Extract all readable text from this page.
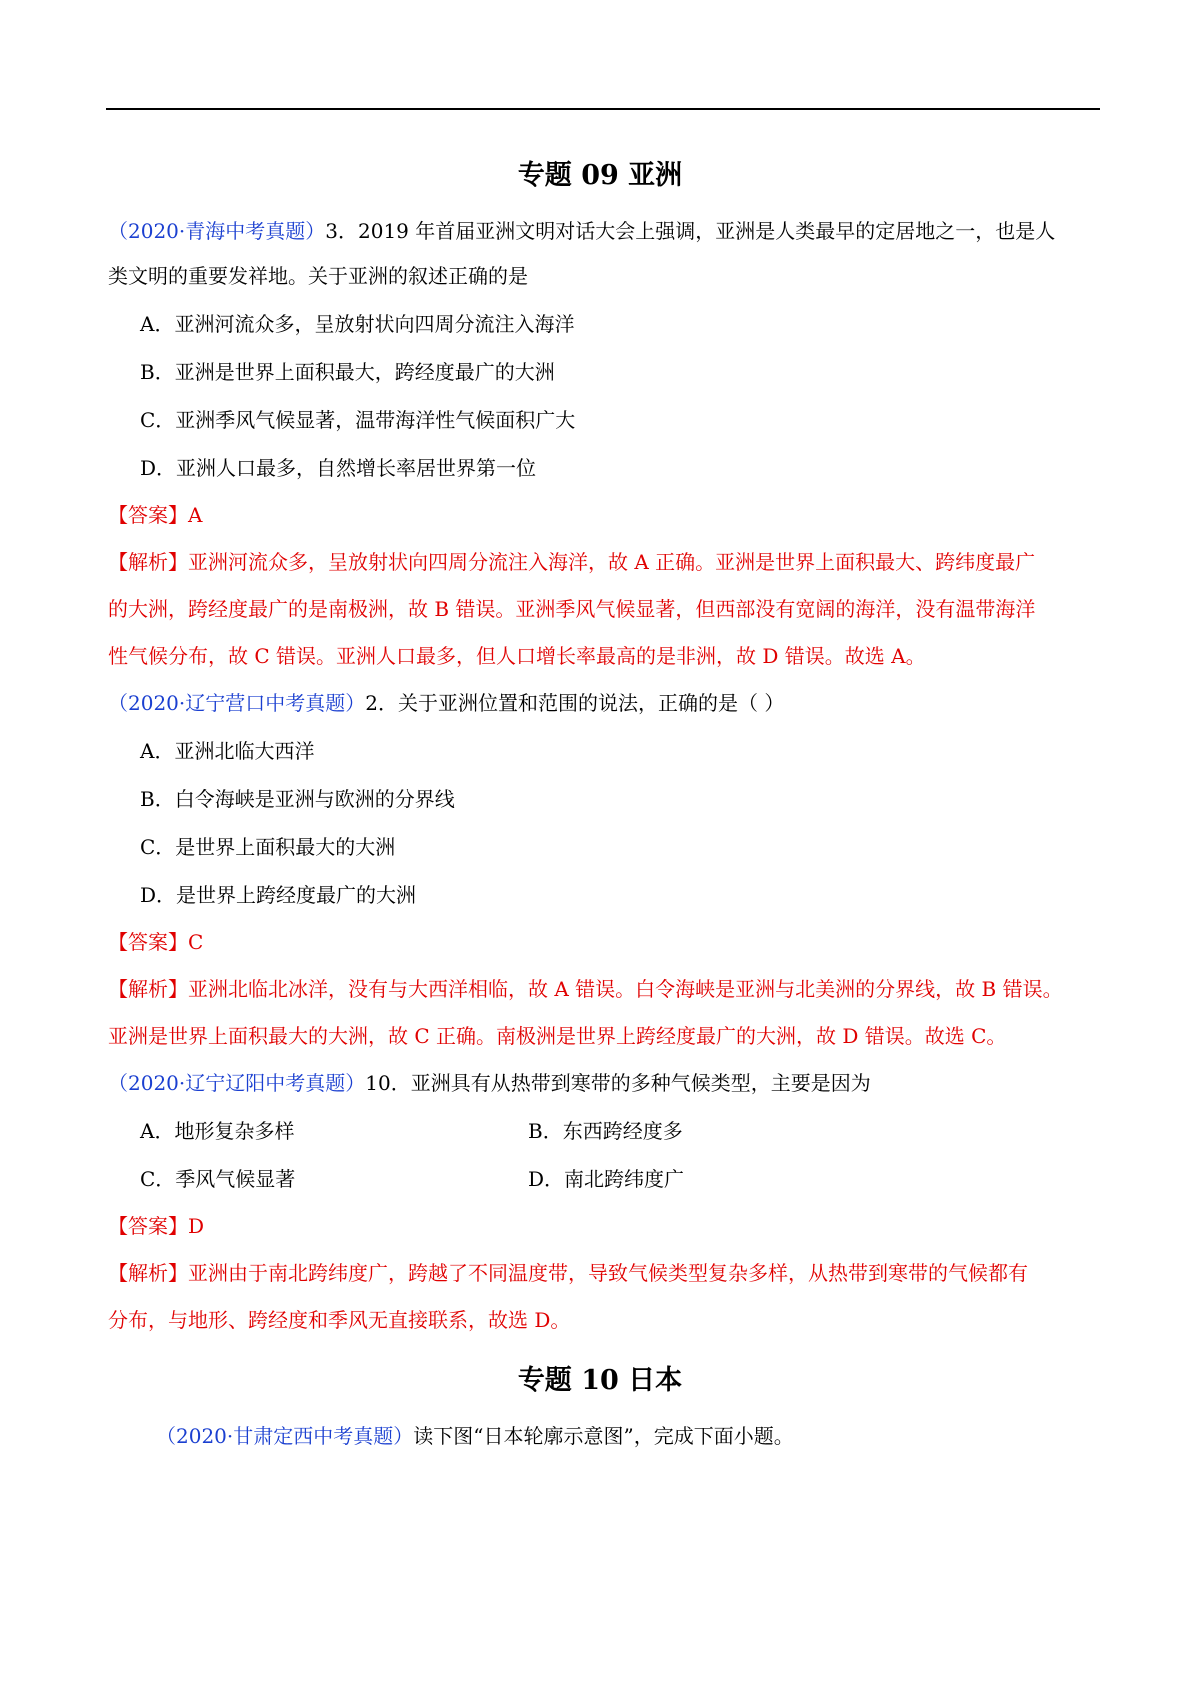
专题 09 亚洲
（2020·青海中考真题）3．2019 年首届亚洲文明对话大会上强调，亚洲是人类最早的定居地之一，也是人
类文明的重要发祥地。关于亚洲的叙述正确的是
A．亚洲河流众多，呈放射状向四周分流注入海洋
B．亚洲是世界上面积最大，跨经度最广的大洲
C．亚洲季风气候显著，温带海洋性气候面积广大
D．亚洲人口最多，自然增长率居世界第一位
【答案】A
【解析】亚洲河流众多，呈放射状向四周分流注入海洋，故 A 正确。亚洲是世界上面积最大、跨纬度最广
的大洲，跨经度最广的是南极洲，故 B 错误。亚洲季风气候显著，但西部没有宽阔的海洋，没有温带海洋
性气候分布，故 C 错误。亚洲人口最多，但人口增长率最高的是非洲，故 D 错误。故选 A。
（2020·辽宁营口中考真题）2．关于亚洲位置和范围的说法，正确的是（ ）
A．亚洲北临大西洋
B．白令海峡是亚洲与欧洲的分界线
C．是世界上面积最大的大洲
D．是世界上跨经度最广的大洲
【答案】C
【解析】亚洲北临北冰洋，没有与大西洋相临，故 A 错误。白令海峡是亚洲与北美洲的分界线，故 B 错误。
亚洲是世界上面积最大的大洲，故 C 正确。南极洲是世界上跨经度最广的大洲，故 D 错误。故选 C。
（2020·辽宁辽阳中考真题）10．亚洲具有从热带到寒带的多种气候类型，主要是因为
A．地形复杂多样	B．东西跨经度多
C．季风气候显著	D．南北跨纬度广
【答案】D
【解析】亚洲由于南北跨纬度广，跨越了不同温度带，导致气候类型复杂多样，从热带到寒带的气候都有
分布，与地形、跨经度和季风无直接联系，故选 D。
专题 10 日本
（2020·甘肃定西中考真题）读下图“日本轮廓示意图”，完成下面小题。
